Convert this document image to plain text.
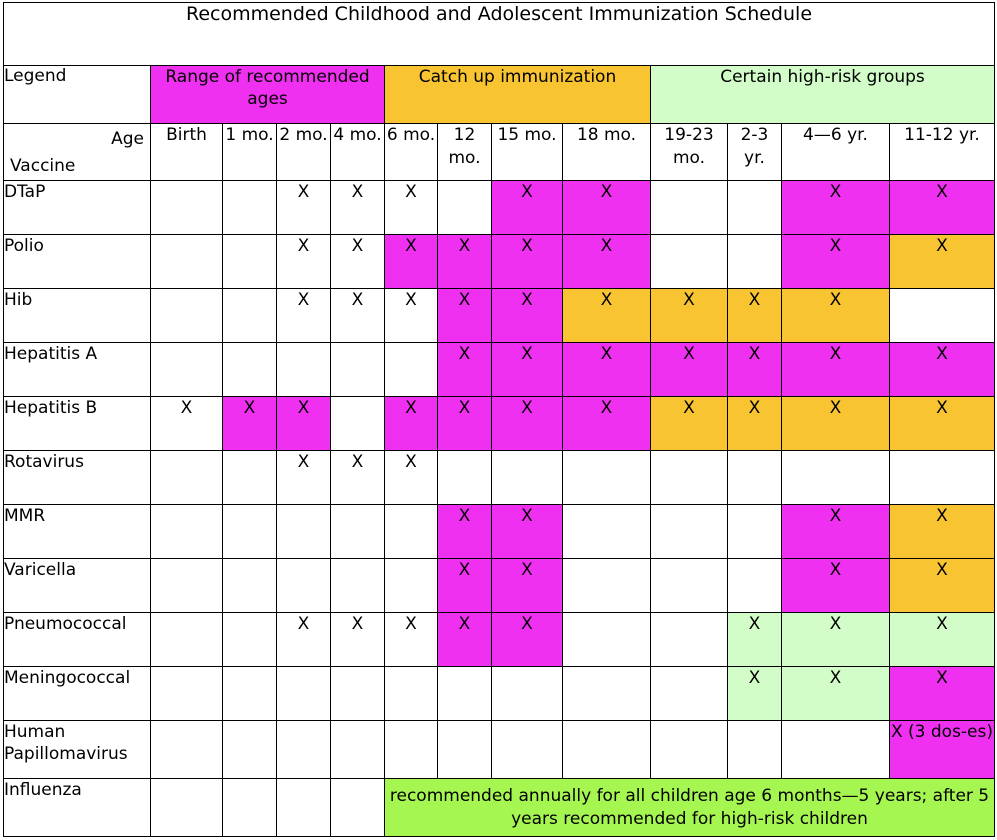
Recommended Childhood and Adolescent Immunization Schedule												
Legend	Range of recommended ages				Catch up immunization				Certain high-risk groups			

Age
Vaccine	Birth	1 mo.	2 mo.	4 mo.	6 mo.	12 mo.	15 mo.	18 mo.	19-23 mo.	2-3 yr.	4—6 yr.	11-12 yr.
DTaP			X	X	X		X	X			X	X
Polio			X	X	X	X	X	X			X	X
Hib			X	X	X	X	X	X	X	X	X	
Hepatitis A						X	X	X	X	X	X	X
Hepatitis B	X	X	X		X	X	X	X	X	X	X	X
Rotavirus			X	X	X							
MMR						X	X				X	X
Varicella						X	X				X	X
Pneumococcal			X	X	X	X	X			X	X	X
Meningococcal										X	X	X
Human Papillomavirus												X (3 dos-es)
Influenza					recommended annually for all children age 6 months—5 years; after 5 years recommended for high-risk children							
